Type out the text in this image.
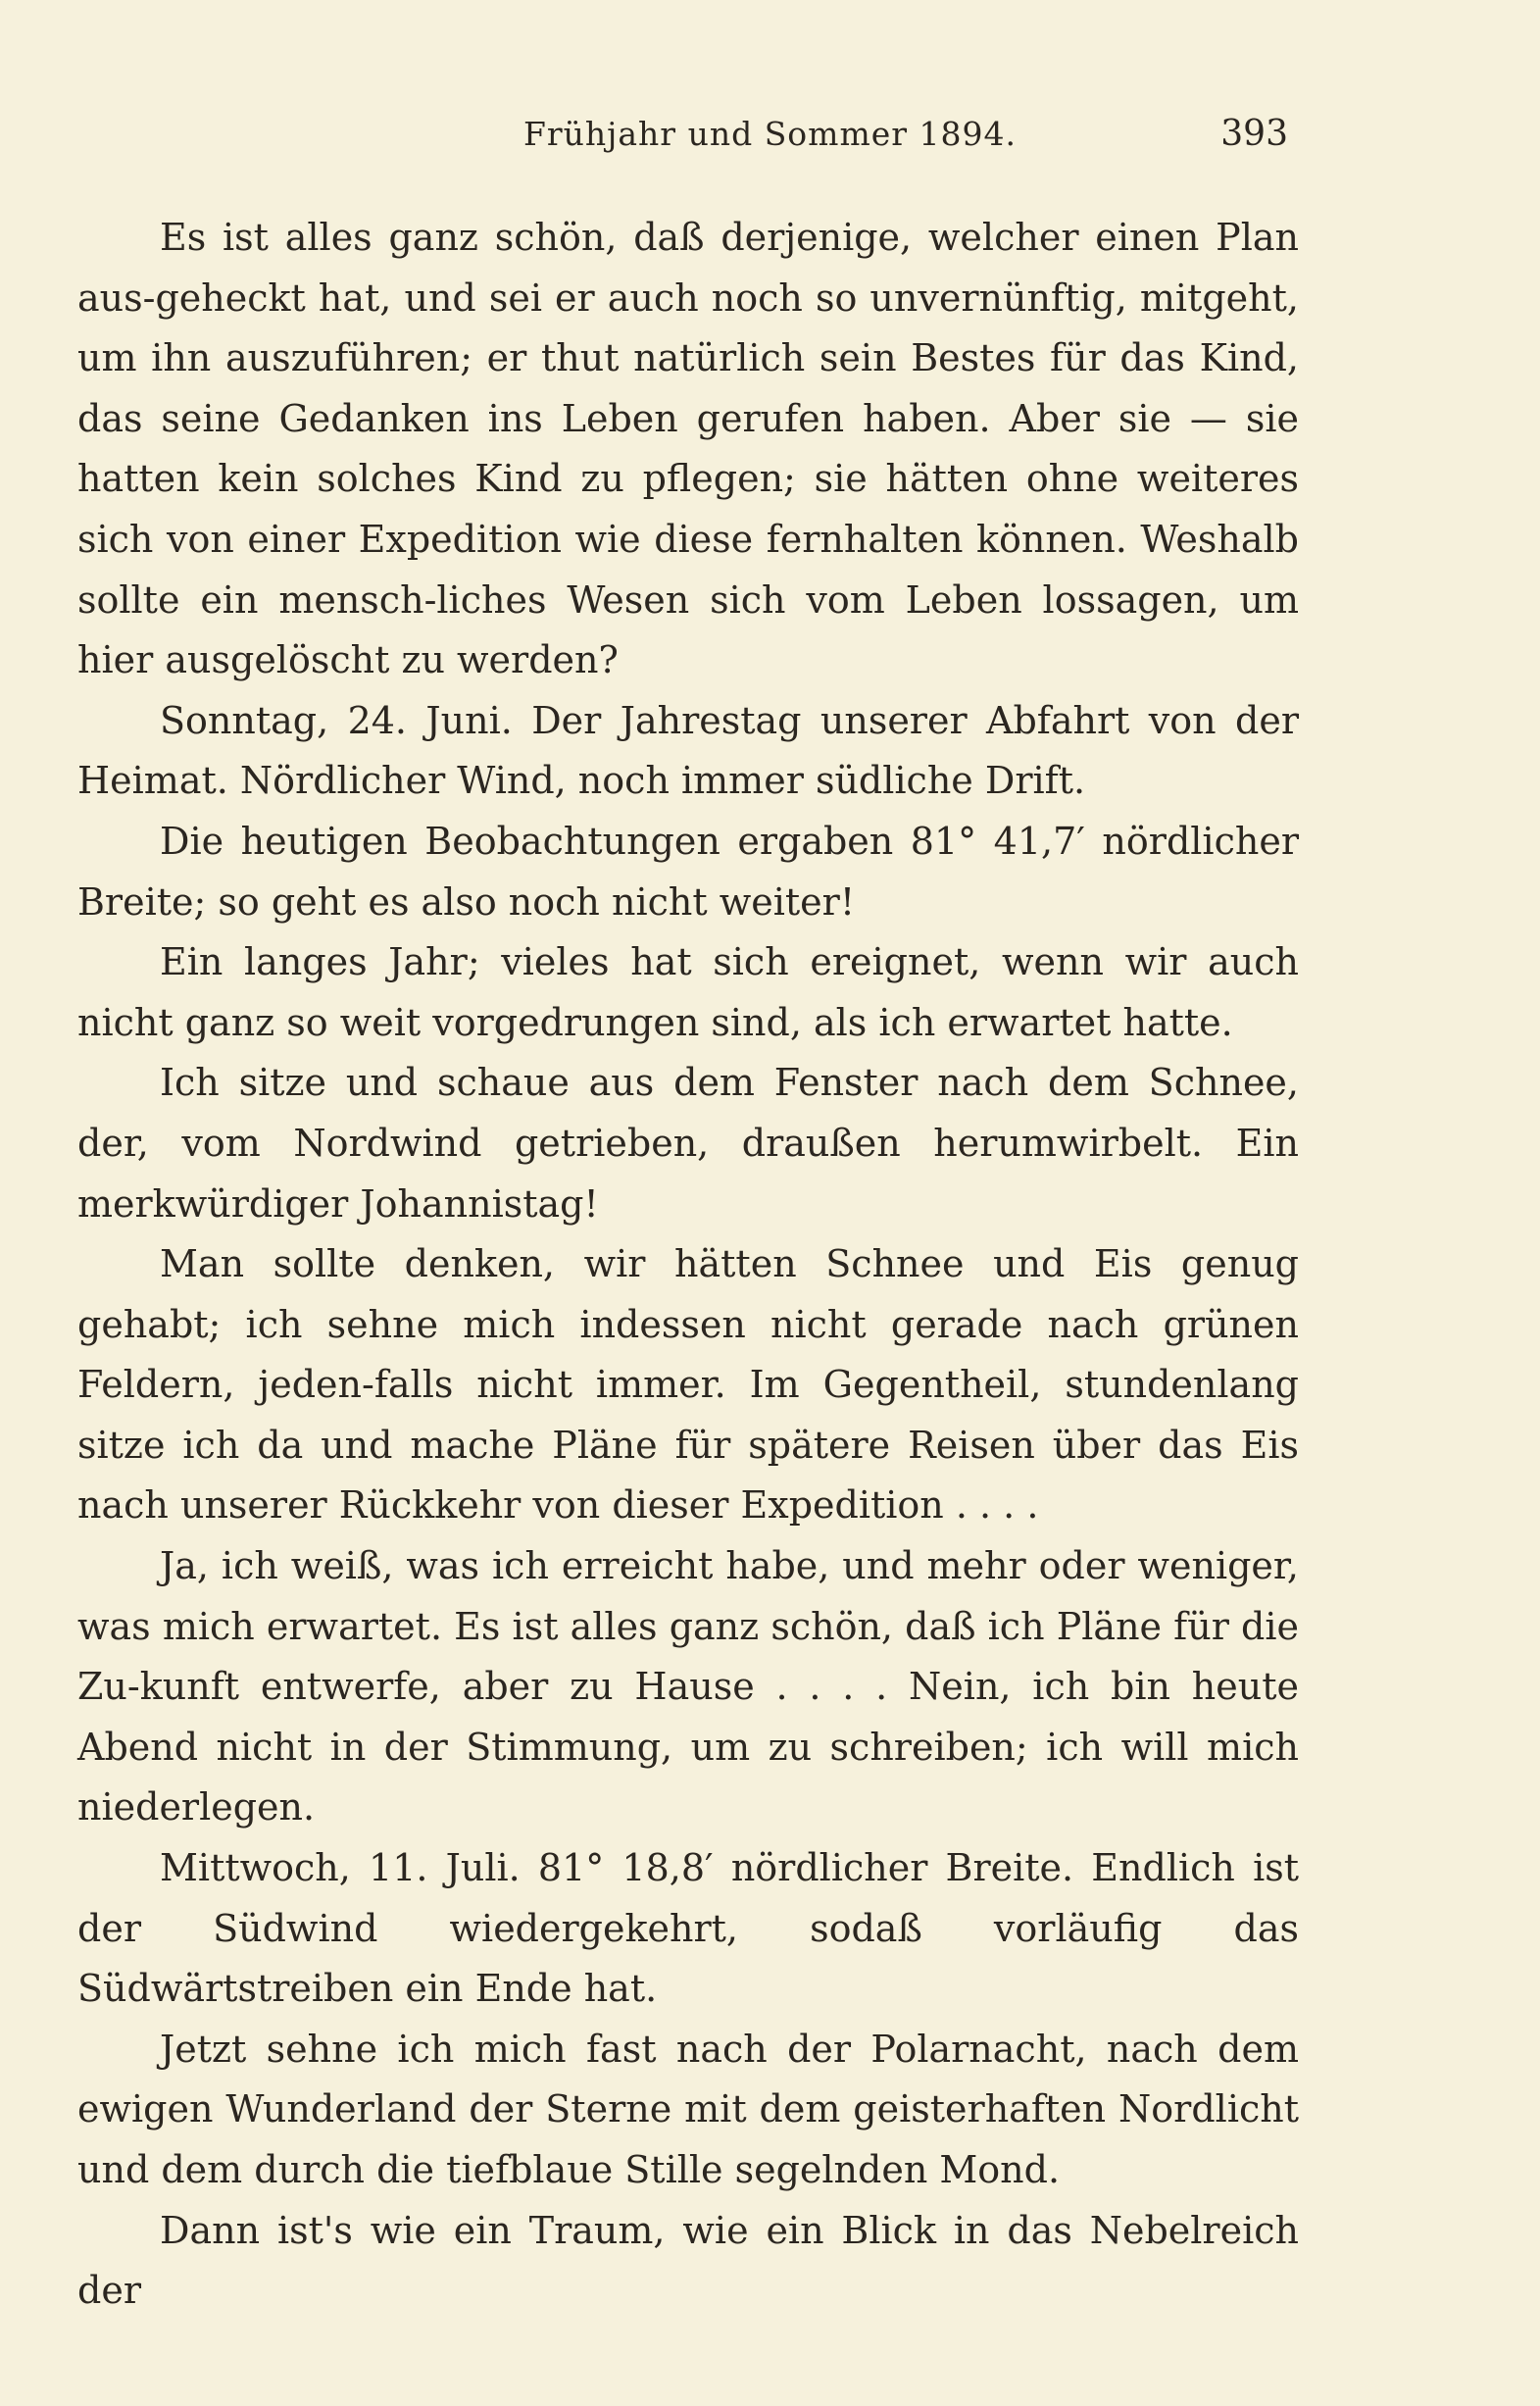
Frühjahr und Sommer 1894.	393

Es ist alles ganz schön, daß derjenige, welcher einen Plan aus-geheckt hat, und sei er auch noch so unvernünftig, mitgeht, um ihn auszuführen; er thut natürlich sein Bestes für das Kind, das seine Gedanken ins Leben gerufen haben. Aber sie — sie hatten kein solches Kind zu pflegen; sie hätten ohne weiteres sich von einer Expedition wie diese fernhalten können. Weshalb sollte ein mensch-liches Wesen sich vom Leben lossagen, um hier ausgelöscht zu werden?

Sonntag, 24. Juni. Der Jahrestag unserer Abfahrt von der Heimat. Nördlicher Wind, noch immer südliche Drift.

Die heutigen Beobachtungen ergaben 81° 41,7′ nördlicher Breite; so geht es also noch nicht weiter!

Ein langes Jahr; vieles hat sich ereignet, wenn wir auch nicht ganz so weit vorgedrungen sind, als ich erwartet hatte.

Ich sitze und schaue aus dem Fenster nach dem Schnee, der, vom Nordwind getrieben, draußen herumwirbelt. Ein merkwürdiger Johannistag!

Man sollte denken, wir hätten Schnee und Eis genug gehabt; ich sehne mich indessen nicht gerade nach grünen Feldern, jeden-falls nicht immer. Im Gegentheil, stundenlang sitze ich da und mache Pläne für spätere Reisen über das Eis nach unserer Rückkehr von dieser Expedition . . . .

Ja, ich weiß, was ich erreicht habe, und mehr oder weniger, was mich erwartet. Es ist alles ganz schön, daß ich Pläne für die Zu-kunft entwerfe, aber zu Hause . . . . Nein, ich bin heute Abend nicht in der Stimmung, um zu schreiben; ich will mich niederlegen.

Mittwoch, 11. Juli. 81° 18,8′ nördlicher Breite. Endlich ist der Südwind wiedergekehrt, sodaß vorläufig das Südwärtstreiben ein Ende hat.

Jetzt sehne ich mich fast nach der Polarnacht, nach dem ewigen Wunderland der Sterne mit dem geisterhaften Nordlicht und dem durch die tiefblaue Stille segelnden Mond.

Dann ist's wie ein Traum, wie ein Blick in das Nebelreich der
